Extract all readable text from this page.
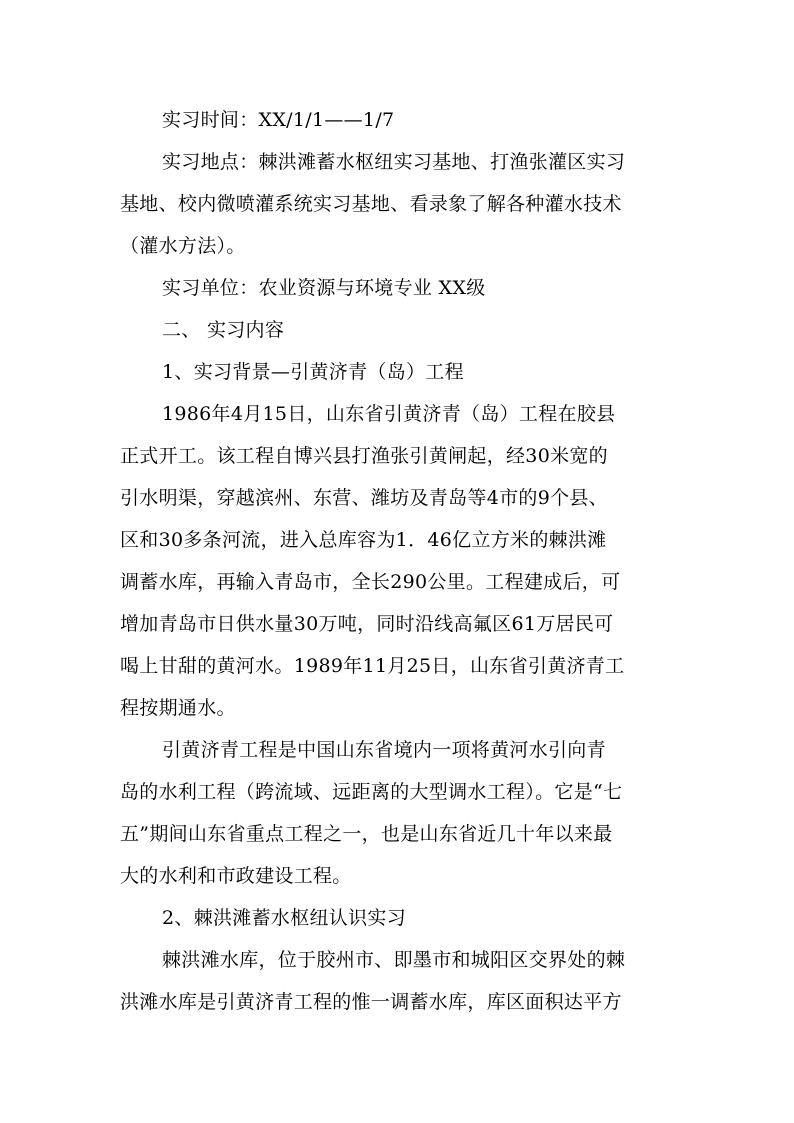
实习时间：XX/1/1——1/7
实习地点：棘洪滩蓄水枢纽实习基地、打渔张灌区实习
基地、校内微喷灌系统实习基地、看录象了解各种灌水技术
（灌水方法）。
实习单位：农业资源与环境专业 XX级
二、 实习内容
1、实习背景—引黄济青（岛）工程
1986年4月15日，山东省引黄济青（岛）工程在胶县
正式开工。该工程自博兴县打渔张引黄闸起，经30米宽的
引水明渠，穿越滨州、东营、潍坊及青岛等4市的9个县、
区和30多条河流，进入总库容为1．46亿立方米的棘洪滩
调蓄水库，再输入青岛市，全长290公里。工程建成后，可
增加青岛市日供水量30万吨，同时沿线高氟区61万居民可
喝上甘甜的黄河水。1989年11月25日，山东省引黄济青工
程按期通水。
引黄济青工程是中国山东省境内一项将黄河水引向青
岛的水利工程（跨流域、远距离的大型调水工程）。它是“七
五”期间山东省重点工程之一，也是山东省近几十年以来最
大的水利和市政建设工程。
2、棘洪滩蓄水枢纽认识实习
棘洪滩水库，位于胶州市、即墨市和城阳区交界处的棘
洪滩水库是引黄济青工程的惟一调蓄水库，库区面积达平方
